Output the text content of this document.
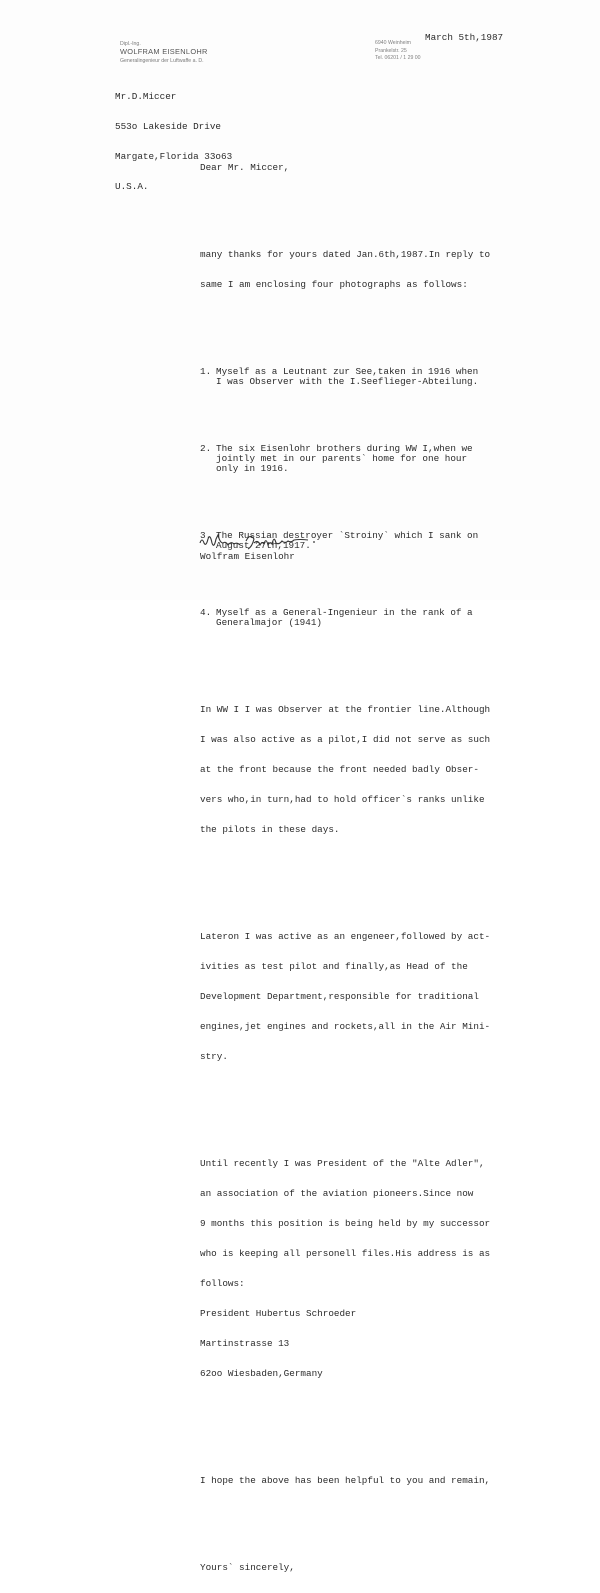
Dipl.-Ing.
WOLFRAM EISENLOHR
Generalingenieur der Luftwaffe a. D.
6940 Weinheim
Prankelstr. 25
Tel. 06201 / 1 29 00
March 5th,1987

Mr.D.Miccer

553o Lakeside Drive

Margate,Florida 33o63

U.S.A.

Dear Mr. Miccer,

many thanks for yours dated Jan.6th,1987.In reply to

same I am enclosing four photographs as follows:

1. Myself as a Leutnant zur See,taken in 1916 when
I was Observer with the I.Seeflieger-Abteilung.

2. The six Eisenlohr brothers during WW I,when we
jointly met in our parents` home for one hour
only in 1916.

3. The Russian destroyer `Stroiny` which I sank on
August 27th,1917.

4. Myself as a General-Ingenieur in the rank of a
Generalmajor (1941)

In WW I I was Observer at the frontier line.Although

I was also active as a pilot,I did not serve as such

at the front because the front needed badly Obser-

vers who,in turn,had to hold officer`s ranks unlike

the pilots in these days.

Lateron I was active as an engeneer,followed by act-

ivities as test pilot and finally,as Head of the

Development Department,responsible for traditional

engines,jet engines and rockets,all in the Air Mini-

stry.

Until recently I was President of the "Alte Adler",

an association of the aviation pioneers.Since now

9 months this position is being held by my successor

who is keeping all personell files.His address is as

follows:

President Hubertus Schroeder

Martinstrasse 13

62oo Wiesbaden,Germany

I hope the above has been helpful to you and remain,

Yours` sincerely,

Wolfram Eisenlohr
